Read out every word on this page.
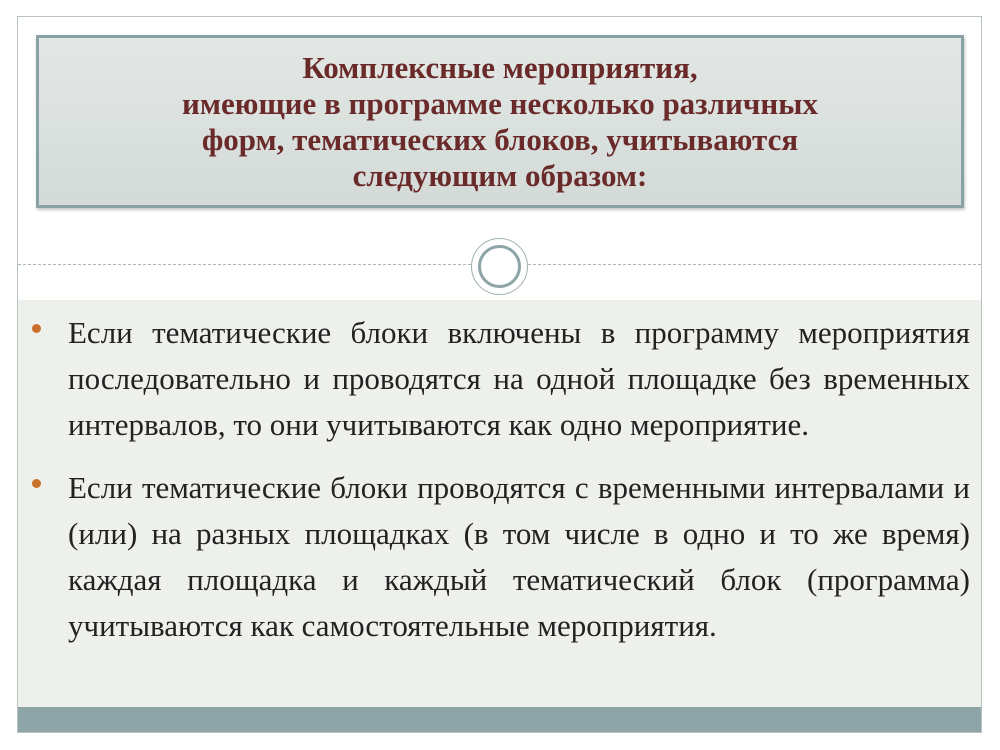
Комплексные мероприятия,
имеющие в программе несколько различных
форм, тематических блоков, учитываются
следующим образом:
Если тематические блоки включены в программу мероприятия последовательно и проводятся на одной площадке без временных интервалов, то они учитываются как одно мероприятие.
Если тематические блоки проводятся с временными интервалами и (или) на разных площадках (в том числе в одно и то же время) каждая площадка и каждый тематический блок (программа) учитываются как самостоятельные мероприятия.
